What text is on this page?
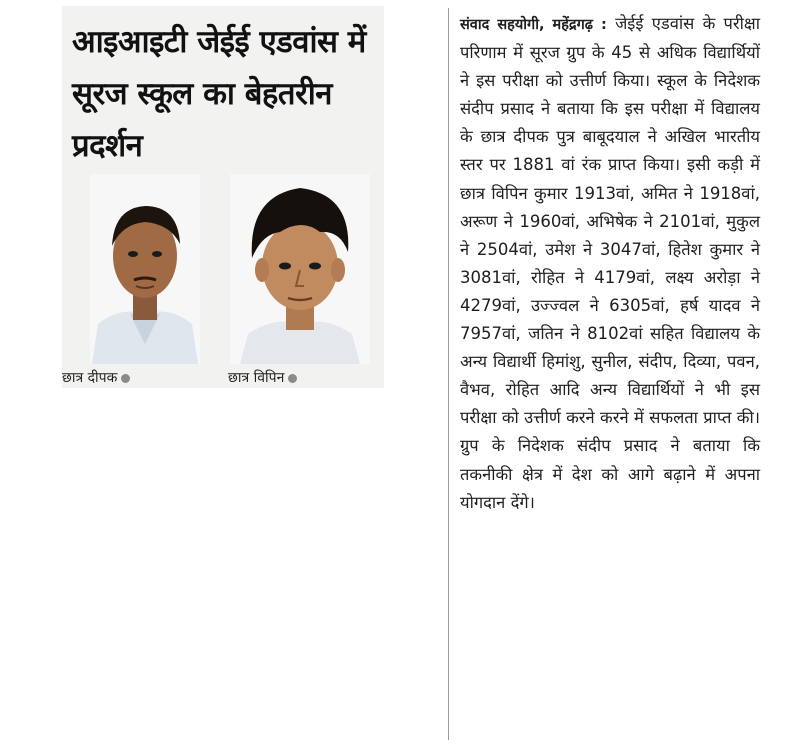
आइआइटी जेईई एडवांस में सूरज स्कूल का बेहतरीन प्रदर्शन
छात्र दीपक	छात्र विपिन
संवाद सहयोगी, महेंद्रगढ़ : जेईई एडवांस के परीक्षा परिणाम में सूरज ग्रुप के 45 से अधिक विद्यार्थियों ने इस परीक्षा को उत्तीर्ण किया। स्कूल के निदेशक संदीप प्रसाद ने बताया कि इस परीक्षा में विद्यालय के छात्र दीपक पुत्र बाबूदयाल ने अखिल भारतीय स्तर पर 1881 वां रंक प्राप्त किया। इसी कड़ी में छात्र विपिन कुमार 1913वां, अमित ने 1918वां, अरूण ने 1960वां, अभिषेक ने 2101वां, मुकुल ने 2504वां, उमेश ने 3047वां, हितेश कुमार ने 3081वां, रोहित ने 4179वां, लक्ष्य अरोड़ा ने 4279वां, उज्ज्वल ने 6305वां, हर्ष यादव ने 7957वां, जतिन ने 8102वां सहित विद्यालय के अन्य विद्यार्थी हिमांशु, सुनील, संदीप, दिव्या, पवन, वैभव, रोहित आदि अन्य विद्यार्थियों ने भी इस परीक्षा को उत्तीर्ण करने करने में सफलता प्राप्त की। ग्रुप के निदेशक संदीप प्रसाद ने बताया कि तकनीकी क्षेत्र में देश को आगे बढ़ाने में अपना योगदान देंगे।
